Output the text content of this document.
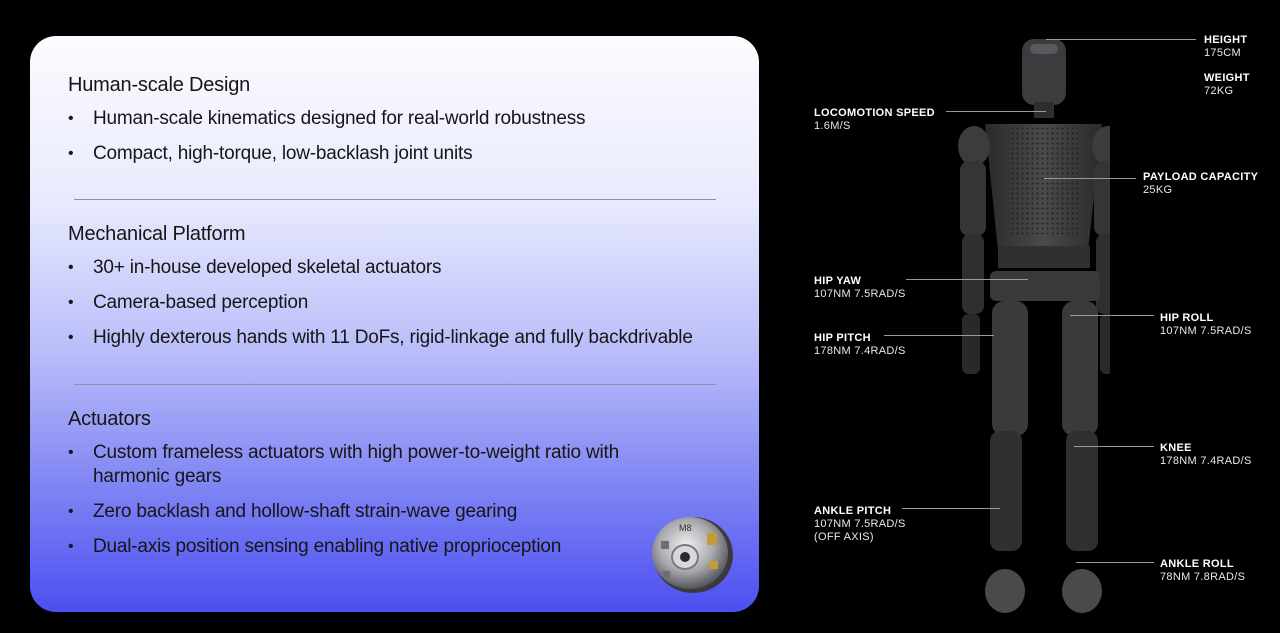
Human-scale Design
• Human-scale kinematics designed for real-world robustness
• Compact, high-torque, low-backlash joint units
Mechanical Platform
• 30+ in-house developed skeletal actuators
• Camera-based perception
• Highly dexterous hands with 11 DoFs, rigid-linkage and fully backdrivable
Actuators
• Custom frameless actuators with high power-to-weight ratio with harmonic gears
• Zero backlash and hollow-shaft strain-wave gearing
• Dual-axis position sensing enabling native proprioception
M8
HEIGHT
175CM
WEIGHT
72KG
LOCOMOTION SPEED
1.6M/S
PAYLOAD CAPACITY
25KG
HIP YAW
107NM 7.5RAD/S
HIP ROLL
107NM 7.5RAD/S
HIP PITCH
178NM 7.4RAD/S
KNEE
178NM 7.4RAD/S
ANKLE PITCH
107NM 7.5RAD/S
(OFF AXIS)
ANKLE ROLL
78NM 7.8RAD/S
